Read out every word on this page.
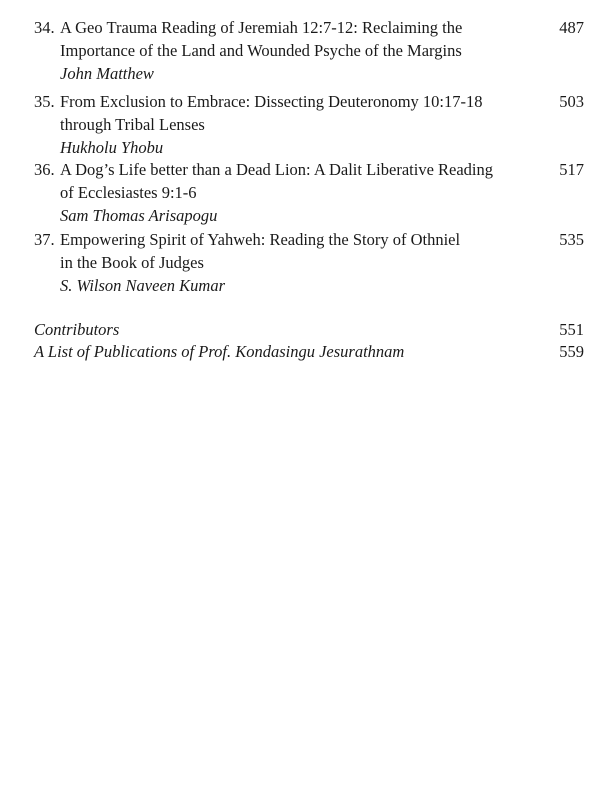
34. A Geo Trauma Reading of Jeremiah 12:7-12: Reclaiming the
Importance of the Land and Wounded Psyche of the Margins
John Matthew
487
35. From Exclusion to Embrace: Dissecting Deuteronomy 10:17-18
through Tribal Lenses
Hukholu Yhobu
503
36. A Dog’s Life better than a Dead Lion: A Dalit Liberative Reading
of Ecclesiastes 9:1-6
Sam Thomas Arisapogu
517
37. Empowering Spirit of Yahweh: Reading the Story of Othniel
in the Book of Judges
S. Wilson Naveen Kumar
535
Contributors	551
A List of Publications of Prof. Kondasingu Jesurathnam	559
